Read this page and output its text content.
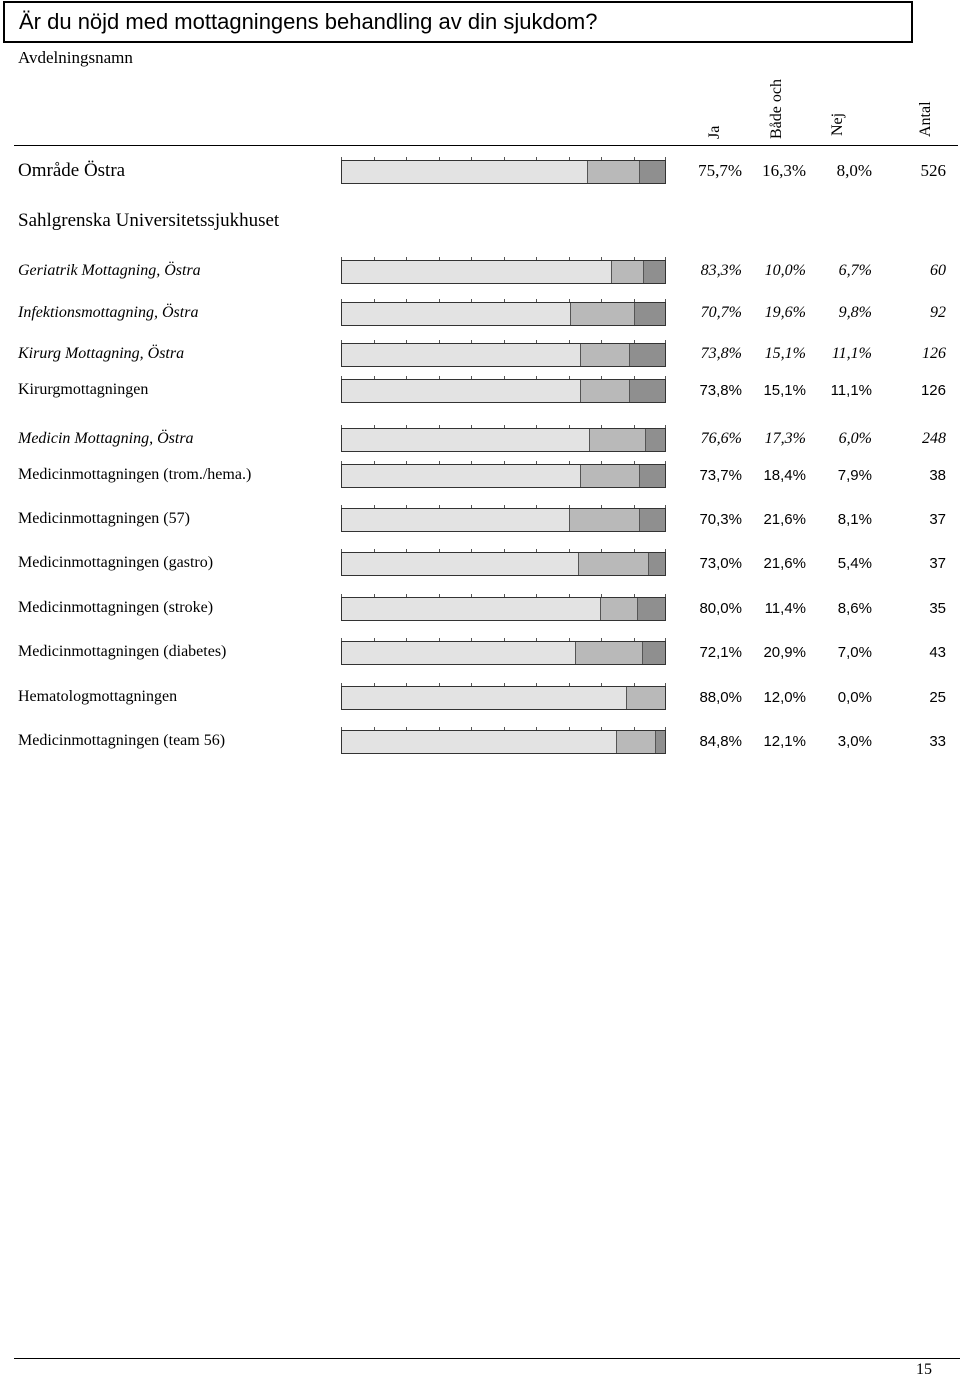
Är du nöjd med mottagningens behandling av din sjukdom?
Avdelningsnamn
Ja	Både och	Nej	Antal
Område Östra	75,7%	16,3%	8,0%	526
Sahlgrenska Universitetssjukhuset
Geriatrik Mottagning, Östra	83,3%	10,0%	6,7%	60
Infektionsmottagning, Östra	70,7%	19,6%	9,8%	92
Kirurg Mottagning, Östra	73,8%	15,1%	11,1%	126
Kirurgmottagningen	73,8%	15,1%	11,1%	126
Medicin Mottagning, Östra	76,6%	17,3%	6,0%	248
Medicinmottagningen (trom./hema.)	73,7%	18,4%	7,9%	38
Medicinmottagningen (57)	70,3%	21,6%	8,1%	37
Medicinmottagningen (gastro)	73,0%	21,6%	5,4%	37
Medicinmottagningen (stroke)	80,0%	11,4%	8,6%	35
Medicinmottagningen (diabetes)	72,1%	20,9%	7,0%	43
Hematologmottagningen	88,0%	12,0%	0,0%	25
Medicinmottagningen (team 56)	84,8%	12,1%	3,0%	33
15
